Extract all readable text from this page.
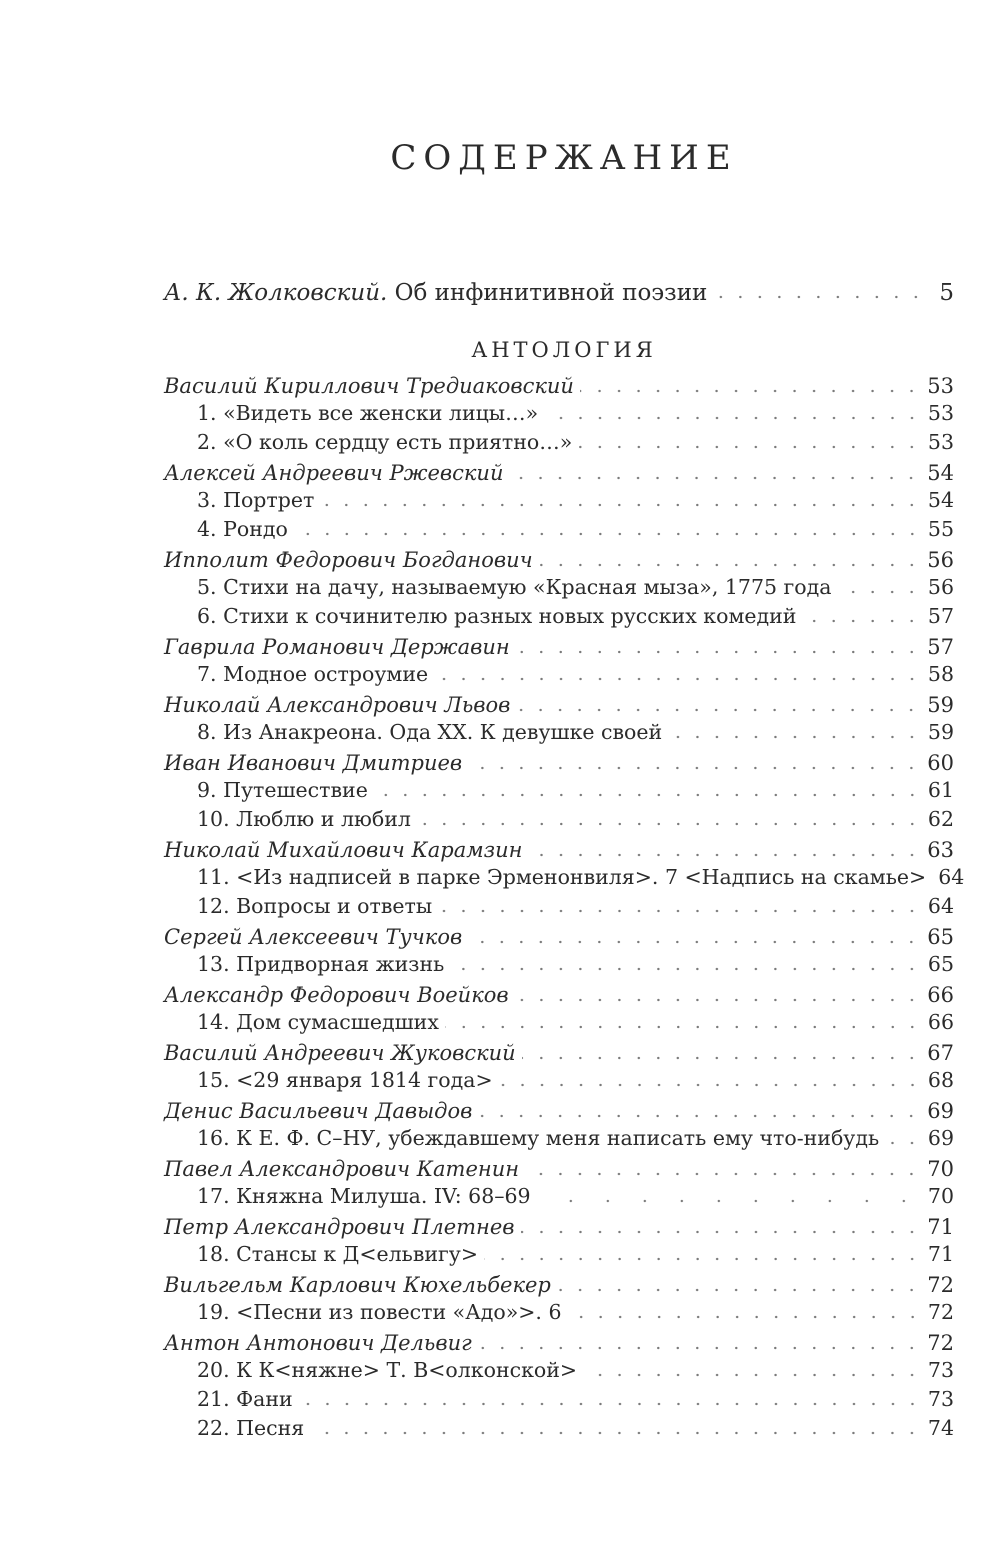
СОДЕРЖАНИЕ
А. К. Жолковский. Об инфинитивной поэзии	5
АНТОЛОГИЯ
Василий Кириллович Тредиаковский	53
1. «Видеть все женски лицы…»	53
2. «О коль сердцу есть приятно…»	53
Алексей Андреевич Ржевский	54
3. Портрет	54
4. Рондо	55
Ипполит Федорович Богданович	56
5. Стихи на дачу, называемую «Красная мыза», 1775 года	56
6. Стихи к сочинителю разных новых русских комедий	57
Гаврила Романович Державин	57
7. Модное остроумие	58
Николай Александрович Львов	59
8. Из Анакреона. Ода XX. К девушке своей	59
Иван Иванович Дмитриев	60
9. Путешествие	61
10. Люблю и любил	62
Николай Михайлович Карамзин	63
11. <Из надписей в парке Эрменонвиля>. 7 <Надпись на скамье> 64
12. Вопросы и ответы	64
Сергей Алексеевич Тучков	65
13. Придворная жизнь	65
Александр Федорович Воейков	66
14. Дом сумасшедших	66
Василий Андреевич Жуковский	67
15. <29 января 1814 года>	68
Денис Васильевич Давыдов	69
16. К Е. Ф. С–НУ, убеждавшему меня написать ему что-нибудь 69
Павел Александрович Катенин	70
17. Княжна Милуша. IV: 68–69	70
Петр Александрович Плетнев	71
18. Стансы к Д<ельвигу>	71
Вильгельм Карлович Кюхельбекер	72
19. <Песни из повести «Адо»>. 6	72
Антон Антонович Дельвиг	72
20. К К<няжне> Т. В<олконской>	73
21. Фани	73
22. Песня	74
